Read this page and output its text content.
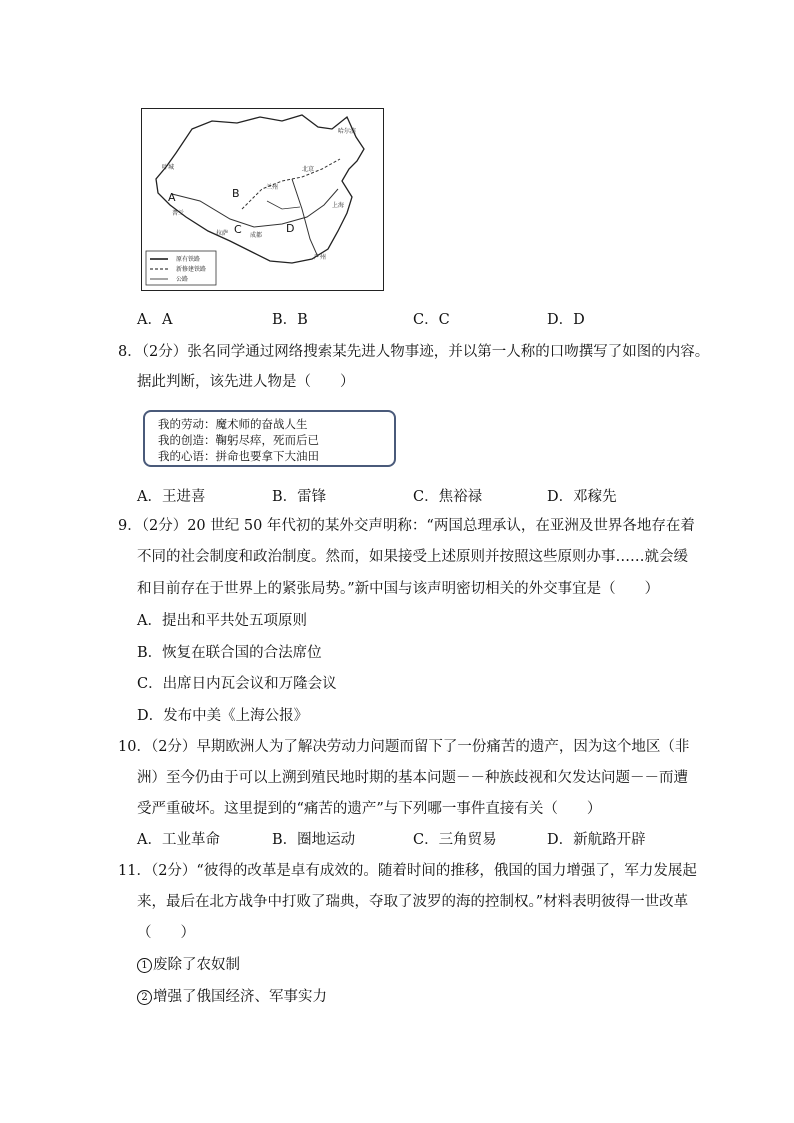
叶城
普兰
拉萨	成都
兰州
北京
哈尔滨
上海
广州
A	B
C	D
原有铁路
新修建铁路
公路
A．A	B．B	C．C	D．D
8．（2分）张名同学通过网络搜索某先进人物事迹，并以第一人称的口吻撰写了如图的内容。
据此判断，该先进人物是（　　）
我的劳动：魔术师的奋战人生
我的创造：鞠躬尽瘁，死而后已
我的心语：拼命也要拿下大油田
A．王进喜	B．雷锋	C．焦裕禄	D．邓稼先
9．（2分）20 世纪 50 年代初的某外交声明称：“两国总理承认，在亚洲及世界各地存在着
不同的社会制度和政治制度。然而，如果接受上述原则并按照这些原则办事……就会缓
和目前存在于世界上的紧张局势。”新中国与该声明密切相关的外交事宜是（　　）
A．提出和平共处五项原则
B．恢复在联合国的合法席位
C．出席日内瓦会议和万隆会议
D．发布中美《上海公报》
10．（2分）早期欧洲人为了解决劳动力问题而留下了一份痛苦的遗产，因为这个地区（非
洲）至今仍由于可以上溯到殖民地时期的基本问题－－种族歧视和欠发达问题－－而遭
受严重破坏。这里提到的“痛苦的遗产”与下列哪一事件直接有关（　　）
A．工业革命	B．圈地运动	C．三角贸易	D．新航路开辟
11．（2分）“彼得的改革是卓有成效的。随着时间的推移，俄国的国力增强了，军力发展起
来，最后在北方战争中打败了瑞典，夺取了波罗的海的控制权。”材料表明彼得一世改革
（　　）
1 废除了农奴制
2 增强了俄国经济、军事实力
